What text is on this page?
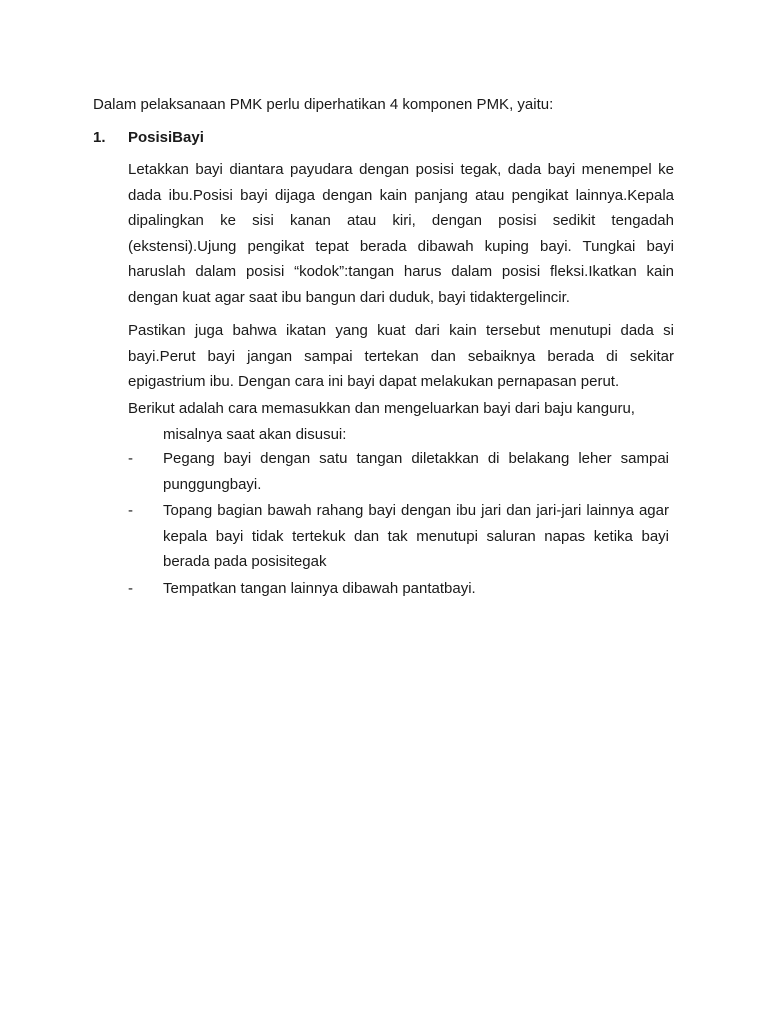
Dalam pelaksanaan PMK perlu diperhatikan 4 komponen PMK, yaitu:

1. PosisiBayi

Letakkan bayi diantara payudara dengan posisi tegak, dada bayi menempel ke dada ibu.Posisi bayi dijaga dengan kain panjang atau pengikat lainnya.Kepala dipalingkan ke sisi kanan atau kiri, dengan posisi sedikit tengadah (ekstensi).Ujung pengikat tepat berada dibawah kuping bayi. Tungkai bayi haruslah dalam posisi “kodok”:tangan harus dalam posisi fleksi.Ikatkan kain dengan kuat agar saat ibu bangun dari duduk, bayi tidaktergelincir.

Pastikan juga bahwa ikatan yang kuat dari kain tersebut menutupi dada si bayi.Perut bayi jangan sampai tertekan dan sebaiknya berada di sekitar epigastrium ibu. Dengan cara ini bayi dapat melakukan pernapasan perut.

Berikut adalah cara memasukkan dan mengeluarkan bayi dari baju kanguru,
misalnya saat akan disusui:

- Pegang bayi dengan satu tangan diletakkan di belakang leher sampai punggungbayi.
- Topang bagian bawah rahang bayi dengan ibu jari dan jari-jari lainnya agar kepala bayi tidak tertekuk dan tak menutupi saluran napas ketika bayi berada pada posisitegak
- Tempatkan tangan lainnya dibawah pantatbayi.
